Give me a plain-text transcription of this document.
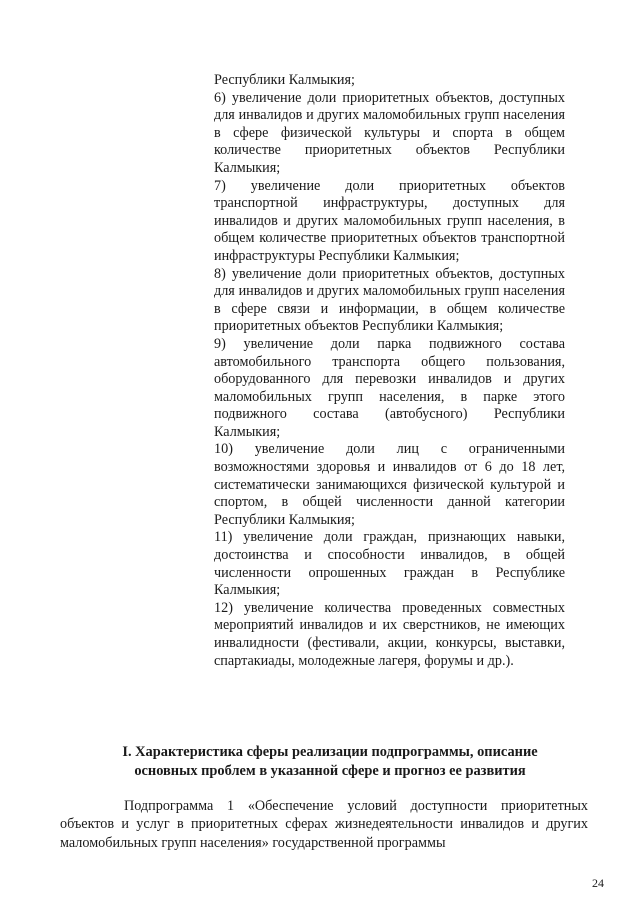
Республики Калмыкия;

6) увеличение доли приоритетных объектов, доступных для инвалидов и других маломобильных групп населения в сфере физической культуры и спорта в общем количестве приоритетных объектов Республики Калмыкия;

7) увеличение доли приоритетных объектов транспортной инфраструктуры, доступных для инвалидов и других маломобильных групп населения, в общем количестве приоритетных объектов транспортной инфраструктуры Республики Калмыкия;

8) увеличение доли приоритетных объектов, доступных для инвалидов и других маломобильных групп населения в сфере связи и информации, в общем количестве приоритетных объектов Республики Калмыкия;

9) увеличение доли парка подвижного состава автомобильного транспорта общего пользования, оборудованного для перевозки инвалидов и других маломобильных групп населения, в парке этого подвижного состава (автобусного) Республики Калмыкия;

10) увеличение доли лиц с ограниченными возможностями здоровья и инвалидов от 6 до 18 лет, систематически занимающихся физической культурой и спортом, в общей численности данной категории Республики Калмыкия;

11) увеличение доли граждан, признающих навыки, достоинства и способности инвалидов, в общей численности опрошенных граждан в Республике Калмыкия;

12) увеличение количества проведенных совместных мероприятий инвалидов и их сверстников, не имеющих инвалидности (фестивали, акции, конкурсы, выставки, спартакиады, молодежные лагеря, форумы и др.).

I. Характеристика сферы реализации подпрограммы, описание
основных проблем в указанной сфере и прогноз ее развития

Подпрограмма 1 «Обеспечение условий доступности приоритетных объектов и услуг в приоритетных сферах жизнедеятельности инвалидов и других маломобильных групп населения» государственной программы

24
